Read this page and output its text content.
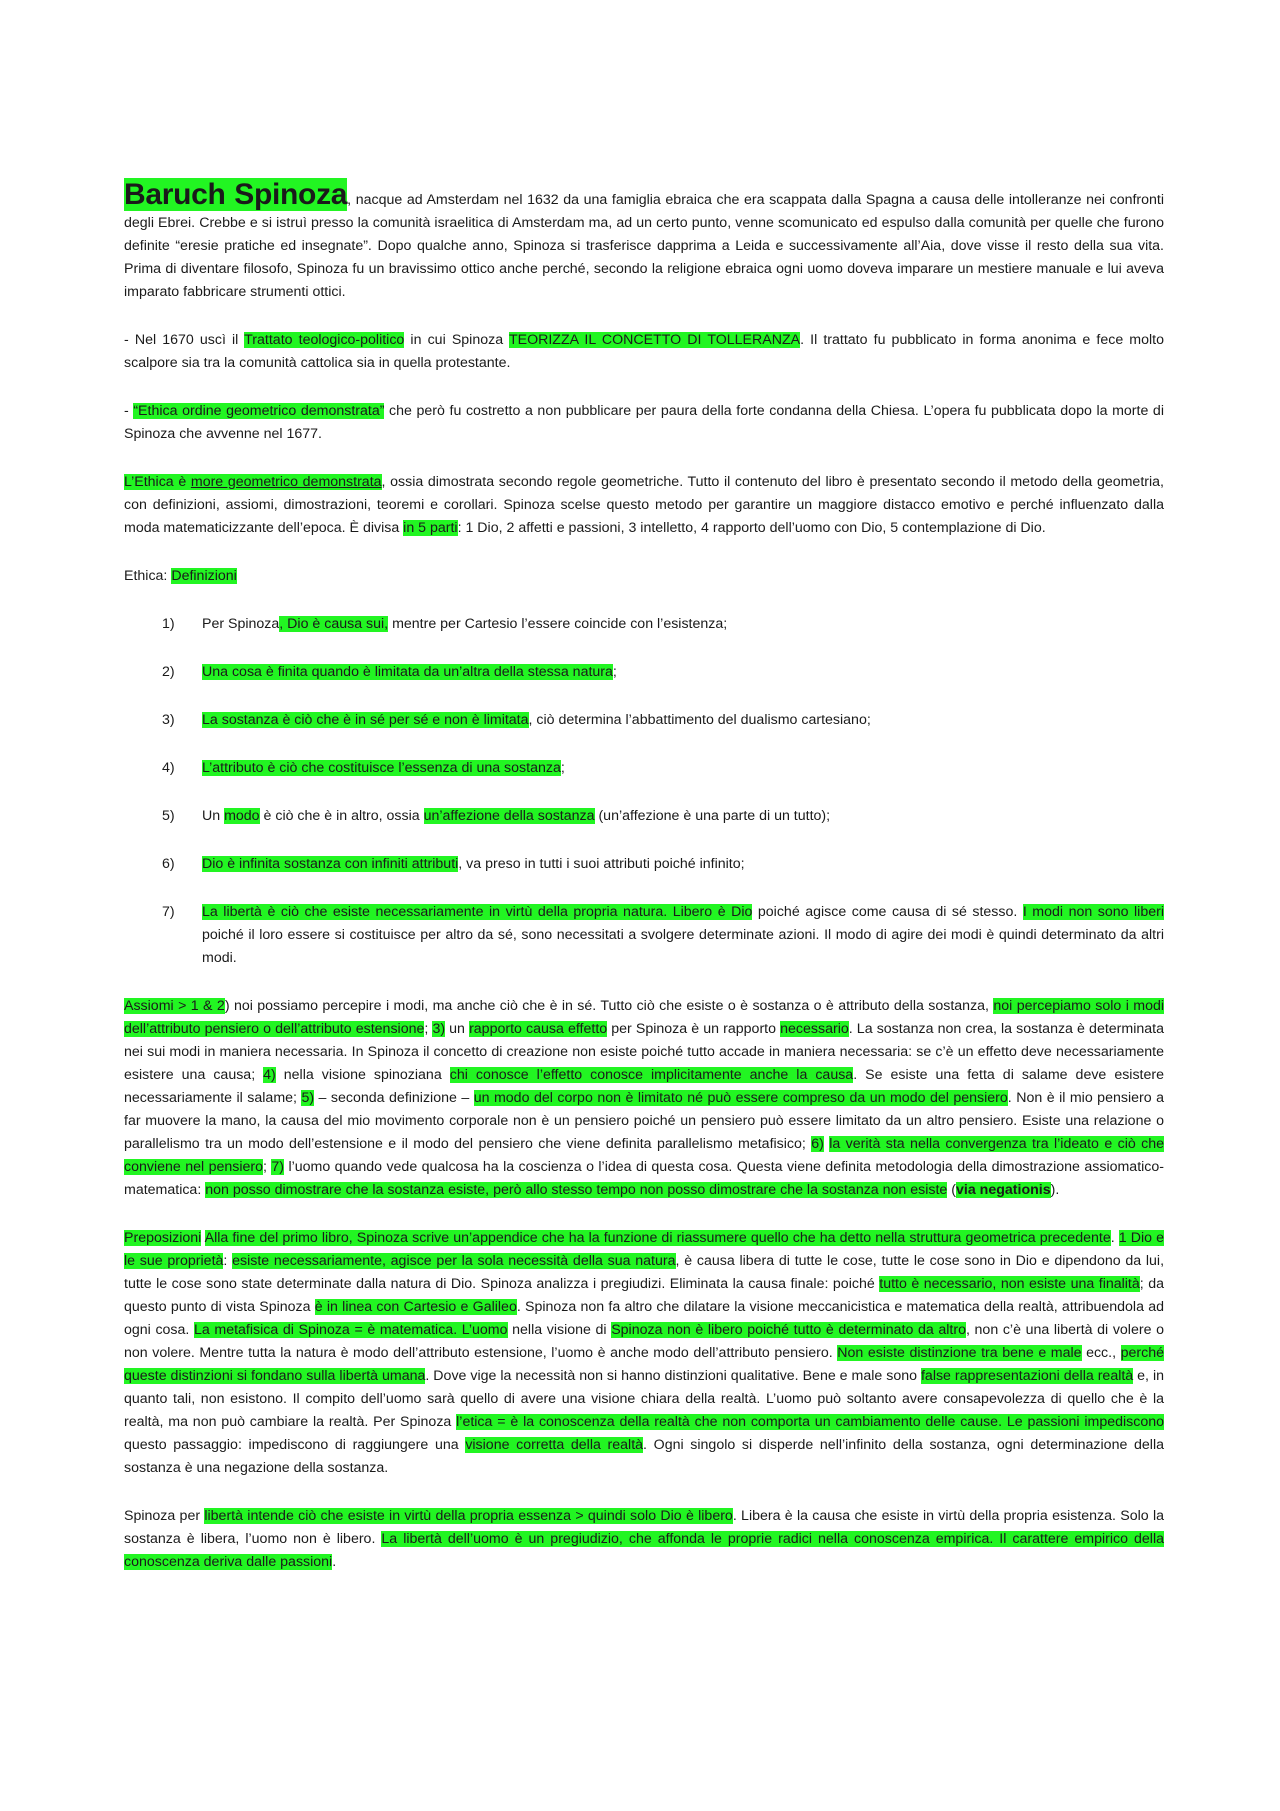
Baruch Spinoza, nacque ad Amsterdam nel 1632 da una famiglia ebraica che era scappata dalla Spagna a causa delle intolleranze nei confronti degli Ebrei. Crebbe e si istruì presso la comunità israelitica di Amsterdam ma, ad un certo punto, venne scomunicato ed espulso dalla comunità per quelle che furono definite “eresie pratiche ed insegnate”. Dopo qualche anno, Spinoza si trasferisce dapprima a Leida e successivamente all’Aia, dove visse il resto della sua vita. Prima di diventare filosofo, Spinoza fu un bravissimo ottico anche perché, secondo la religione ebraica ogni uomo doveva imparare un mestiere manuale e lui aveva imparato fabbricare strumenti ottici.

- Nel 1670 uscì il Trattato teologico-politico in cui Spinoza TEORIZZA IL CONCETTO DI TOLLERANZA. Il trattato fu pubblicato in forma anonima e fece molto scalpore sia tra la comunità cattolica sia in quella protestante.

- “Ethica ordine geometrico demonstrata” che però fu costretto a non pubblicare per paura della forte condanna della Chiesa. L’opera fu pubblicata dopo la morte di Spinoza che avvenne nel 1677.

L’Ethica è more geometrico demonstrata, ossia dimostrata secondo regole geometriche. Tutto il contenuto del libro è presentato secondo il metodo della geometria, con definizioni, assiomi, dimostrazioni, teoremi e corollari. Spinoza scelse questo metodo per garantire un maggiore distacco emotivo e perché influenzato dalla moda matematicizzante dell’epoca. È divisa in 5 parti: 1 Dio, 2 affetti e passioni, 3 intelletto, 4 rapporto dell’uomo con Dio, 5 contemplazione di Dio.

Ethica: Definizioni

1) Per Spinoza, Dio è causa sui, mentre per Cartesio l’essere coincide con l’esistenza;
2) Una cosa è finita quando è limitata da un’altra della stessa natura;
3) La sostanza è ciò che è in sé per sé e non è limitata, ciò determina l’abbattimento del dualismo cartesiano;
4) L’attributo è ciò che costituisce l’essenza di una sostanza;
5) Un modo è ciò che è in altro, ossia un’affezione della sostanza (un’affezione è una parte di un tutto);
6) Dio è infinita sostanza con infiniti attributi, va preso in tutti i suoi attributi poiché infinito;
7) La libertà è ciò che esiste necessariamente in virtù della propria natura. Libero è Dio poiché agisce come causa di sé stesso. I modi non sono liberi poiché il loro essere si costituisce per altro da sé, sono necessitati a svolgere determinate azioni. Il modo di agire dei modi è quindi determinato da altri modi.

Assiomi > 1 & 2) noi possiamo percepire i modi, ma anche ciò che è in sé. Tutto ciò che esiste o è sostanza o è attributo della sostanza, noi percepiamo solo i modi dell’attributo pensiero o dell’attributo estensione; 3) un rapporto causa effetto per Spinoza è un rapporto necessario. La sostanza non crea, la sostanza è determinata nei sui modi in maniera necessaria. In Spinoza il concetto di creazione non esiste poiché tutto accade in maniera necessaria: se c’è un effetto deve necessariamente esistere una causa; 4) nella visione spinoziana chi conosce l’effetto conosce implicitamente anche la causa. Se esiste una fetta di salame deve esistere necessariamente il salame; 5) – seconda definizione – un modo del corpo non è limitato né può essere compreso da un modo del pensiero. Non è il mio pensiero a far muovere la mano, la causa del mio movimento corporale non è un pensiero poiché un pensiero può essere limitato da un altro pensiero. Esiste una relazione o parallelismo tra un modo dell’estensione e il modo del pensiero che viene definita parallelismo metafisico; 6) la verità sta nella convergenza tra l’ideato e ciò che conviene nel pensiero; 7) l’uomo quando vede qualcosa ha la coscienza o l’idea di questa cosa. Questa viene definita metodologia della dimostrazione assiomatico-matematica: non posso dimostrare che la sostanza esiste, però allo stesso tempo non posso dimostrare che la sostanza non esiste (via negationis).

Preposizioni Alla fine del primo libro, Spinoza scrive un’appendice che ha la funzione di riassumere quello che ha detto nella struttura geometrica precedente. 1 Dio e le sue proprietà: esiste necessariamente, agisce per la sola necessità della sua natura, è causa libera di tutte le cose, tutte le cose sono in Dio e dipendono da lui, tutte le cose sono state determinate dalla natura di Dio. Spinoza analizza i pregiudizi. Eliminata la causa finale: poiché tutto è necessario, non esiste una finalità; da questo punto di vista Spinoza è in linea con Cartesio e Galileo. Spinoza non fa altro che dilatare la visione meccanicistica e matematica della realtà, attribuendola ad ogni cosa. La metafisica di Spinoza = è matematica. L’uomo nella visione di Spinoza non è libero poiché tutto è determinato da altro, non c’è una libertà di volere o non volere. Mentre tutta la natura è modo dell’attributo estensione, l’uomo è anche modo dell’attributo pensiero. Non esiste distinzione tra bene e male ecc., perché queste distinzioni si fondano sulla libertà umana. Dove vige la necessità non si hanno distinzioni qualitative. Bene e male sono false rappresentazioni della realtà e, in quanto tali, non esistono. Il compito dell’uomo sarà quello di avere una visione chiara della realtà. L’uomo può soltanto avere consapevolezza di quello che è la realtà, ma non può cambiare la realtà. Per Spinoza l’etica = è la conoscenza della realtà che non comporta un cambiamento delle cause. Le passioni impediscono questo passaggio: impediscono di raggiungere una visione corretta della realtà. Ogni singolo si disperde nell’infinito della sostanza, ogni determinazione della sostanza è una negazione della sostanza.

Spinoza per libertà intende ciò che esiste in virtù della propria essenza > quindi solo Dio è libero. Libera è la causa che esiste in virtù della propria esistenza. Solo la sostanza è libera, l’uomo non è libero. La libertà dell’uomo è un pregiudizio, che affonda le proprie radici nella conoscenza empirica. Il carattere empirico della conoscenza deriva dalle passioni.
